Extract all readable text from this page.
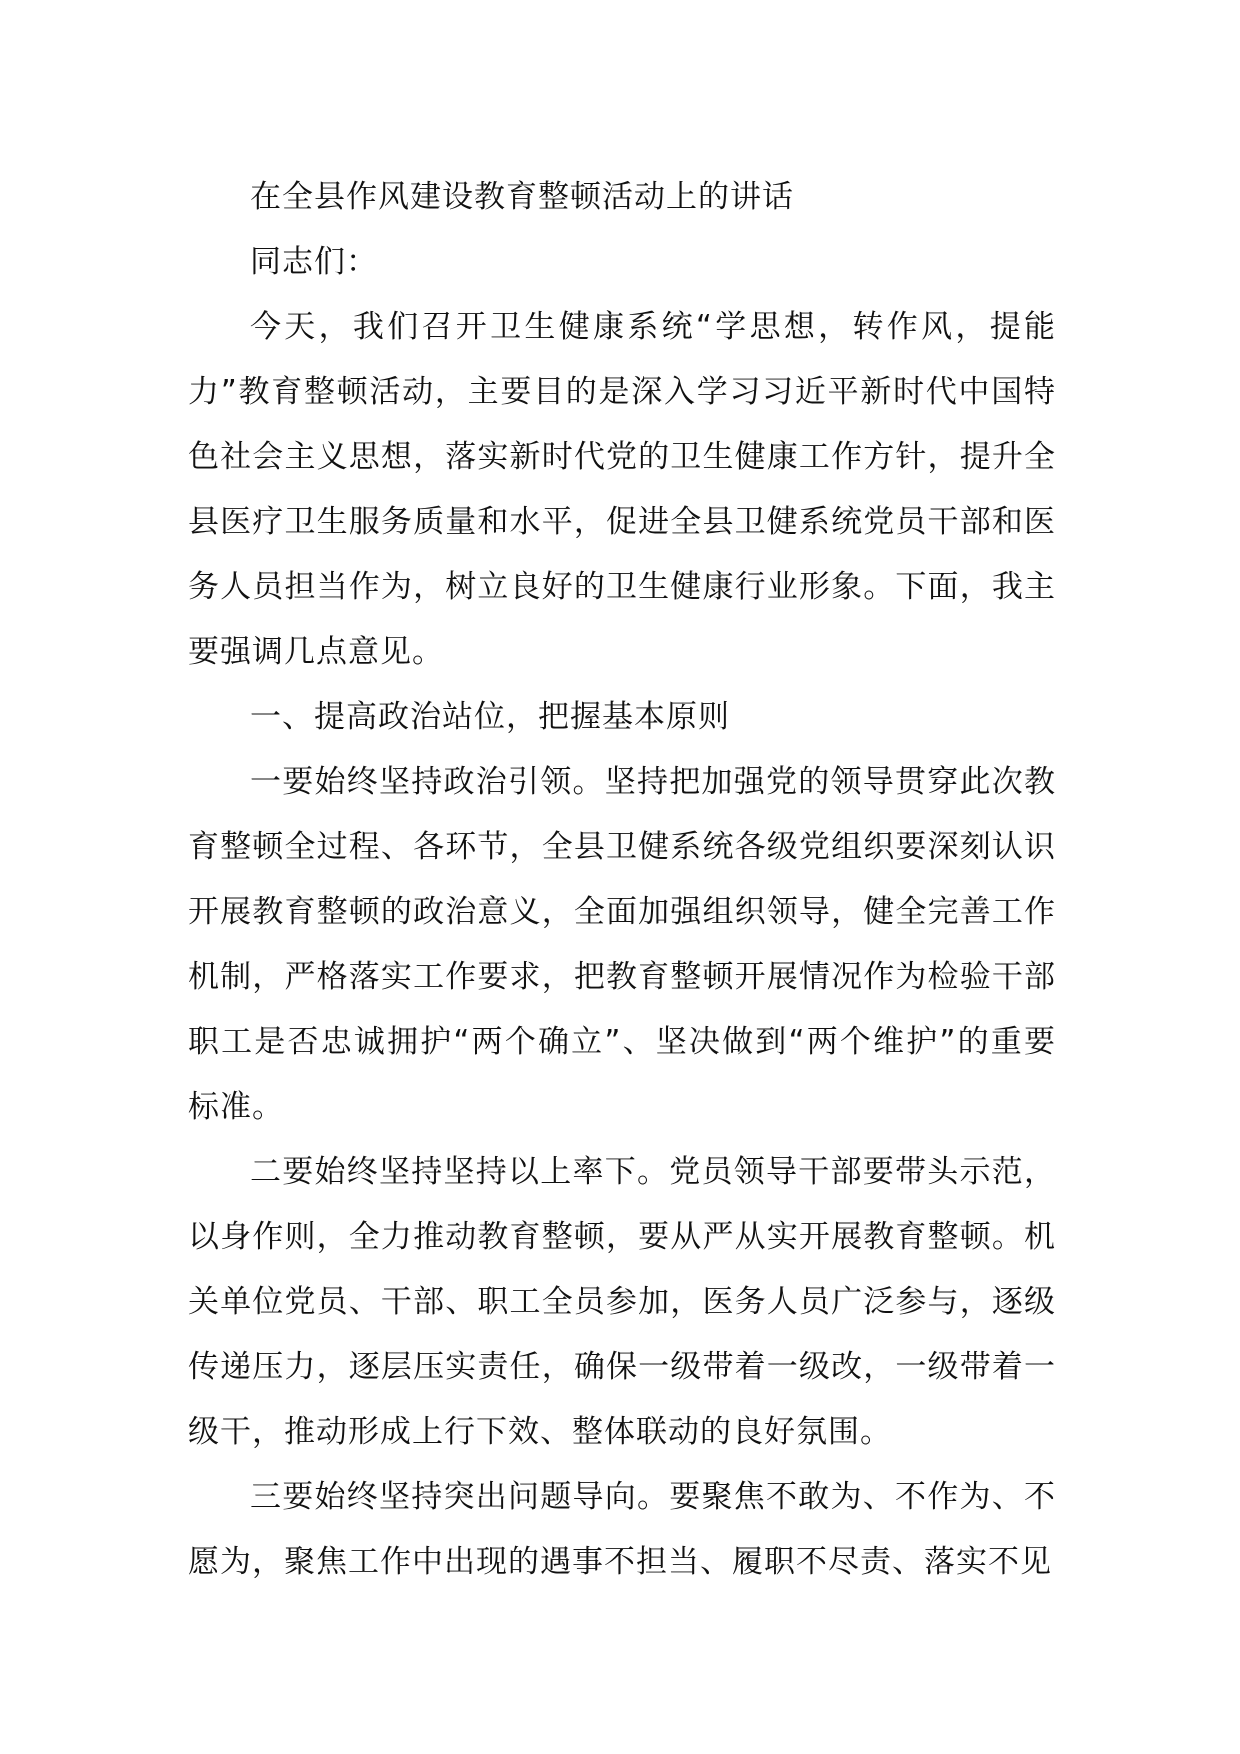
在全县作风建设教育整顿活动上的讲话

同志们：

今天，我们召开卫生健康系统“学思想，转作风，提能力”教育整顿活动，主要目的是深入学习习近平新时代中国特色社会主义思想，落实新时代党的卫生健康工作方针，提升全县医疗卫生服务质量和水平，促进全县卫健系统党员干部和医务人员担当作为，树立良好的卫生健康行业形象。下面，我主要强调几点意见。

一、提高政治站位，把握基本原则

一要始终坚持政治引领。坚持把加强党的领导贯穿此次教育整顿全过程、各环节，全县卫健系统各级党组织要深刻认识开展教育整顿的政治意义，全面加强组织领导，健全完善工作机制，严格落实工作要求，把教育整顿开展情况作为检验干部职工是否忠诚拥护“两个确立”、坚决做到“两个维护”的重要标准。

二要始终坚持坚持以上率下。党员领导干部要带头示范，以身作则，全力推动教育整顿，要从严从实开展教育整顿。机关单位党员、干部、职工全员参加，医务人员广泛参与，逐级传递压力，逐层压实责任，确保一级带着一级改，一级带着一级干，推动形成上行下效、整体联动的良好氛围。

三要始终坚持突出问题导向。要聚焦不敢为、不作为、不愿为，聚焦工作中出现的遇事不担当、履职不尽责、落实不见
